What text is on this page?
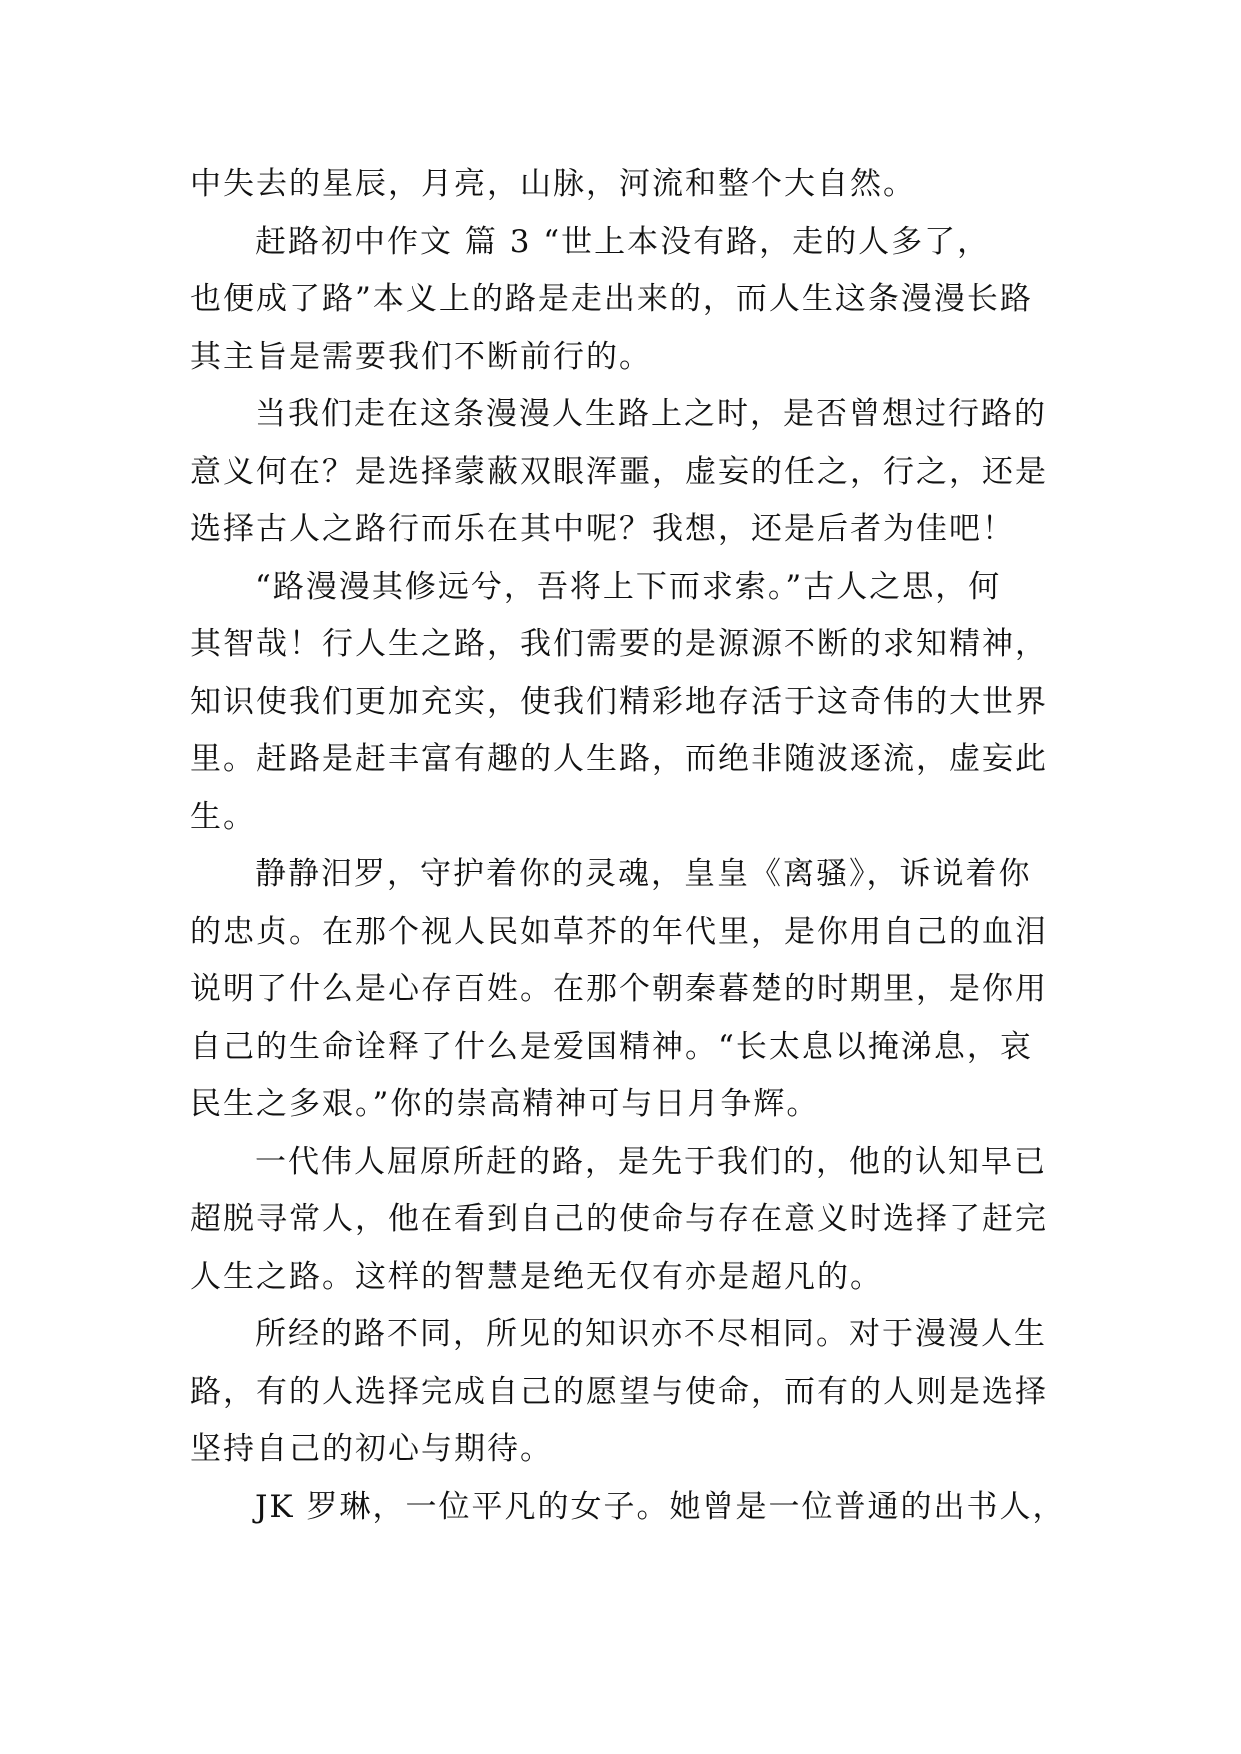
中失去的星辰，月亮，山脉，河流和整个大自然。
赶路初中作文 篇 3 “世上本没有路，走的人多了，
也便成了路”本义上的路是走出来的，而人生这条漫漫长路
其主旨是需要我们不断前行的。
当我们走在这条漫漫人生路上之时，是否曾想过行路的
意义何在？是选择蒙蔽双眼浑噩，虚妄的任之，行之，还是
选择古人之路行而乐在其中呢？我想，还是后者为佳吧！
“路漫漫其修远兮，吾将上下而求索。”古人之思，何
其智哉！行人生之路，我们需要的是源源不断的求知精神，
知识使我们更加充实，使我们精彩地存活于这奇伟的大世界
里。赶路是赶丰富有趣的人生路，而绝非随波逐流，虚妄此
生。
静静汨罗，守护着你的灵魂，皇皇《离骚》，诉说着你
的忠贞。在那个视人民如草芥的年代里，是你用自己的血泪
说明了什么是心存百姓。在那个朝秦暮楚的时期里，是你用
自己的生命诠释了什么是爱国精神。“长太息以掩涕息，哀
民生之多艰。”你的崇高精神可与日月争辉。
一代伟人屈原所赶的路，是先于我们的，他的认知早已
超脱寻常人，他在看到自己的使命与存在意义时选择了赶完
人生之路。这样的智慧是绝无仅有亦是超凡的。
所经的路不同，所见的知识亦不尽相同。对于漫漫人生
路，有的人选择完成自己的愿望与使命，而有的人则是选择
坚持自己的初心与期待。
JK 罗琳，一位平凡的女子。她曾是一位普通的出书人，
